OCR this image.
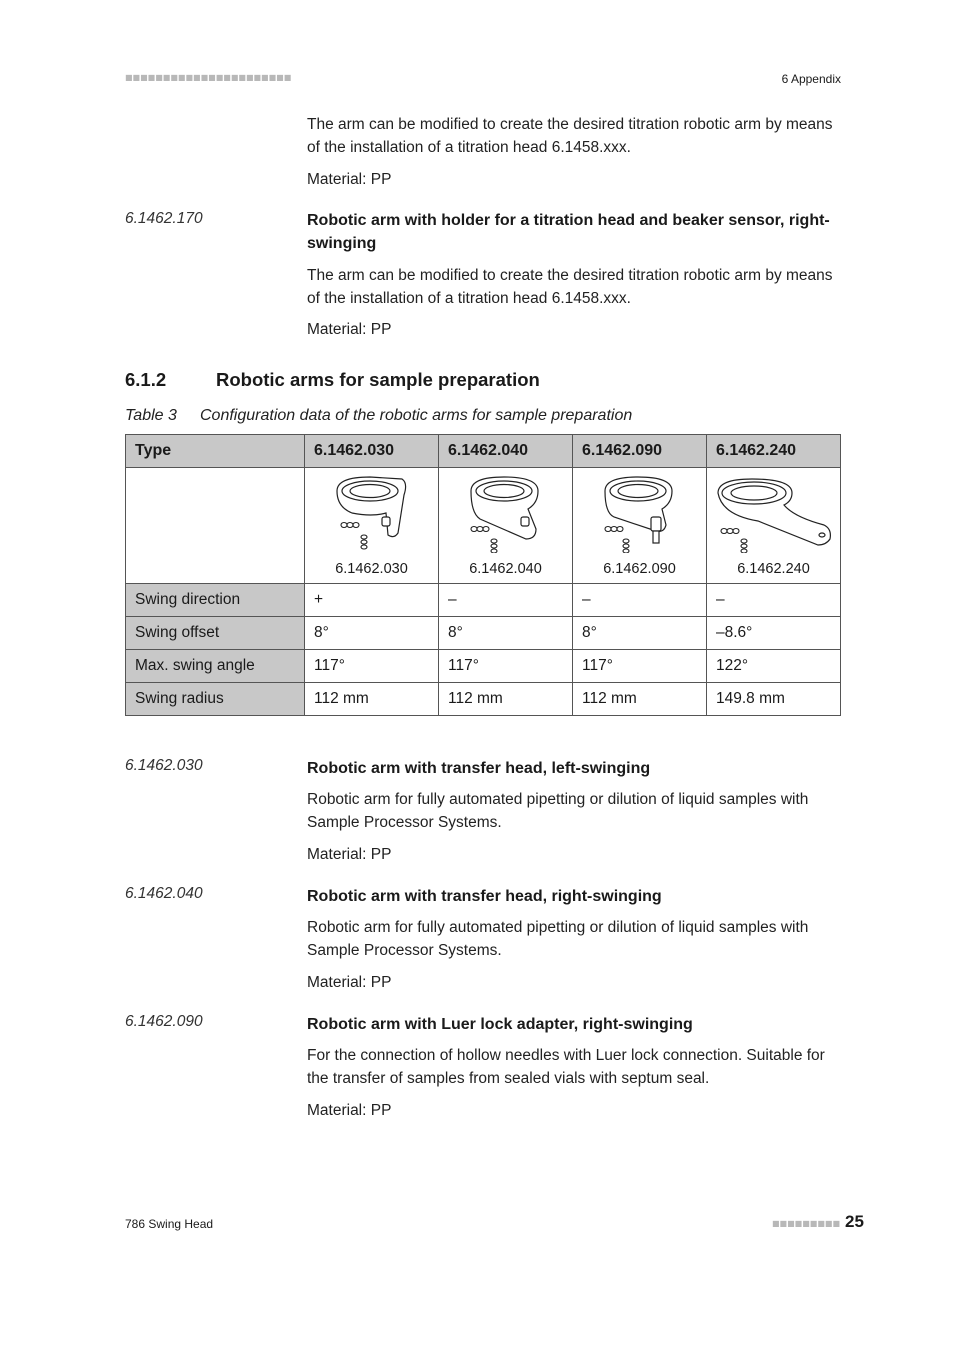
■■■■■■■■■■■■■■■■■■■■■■	6 Appendix
The arm can be modified to create the desired titration robotic arm by means of the installation of a titration head 6.1458.xxx.
Material: PP
6.1462.170	Robotic arm with holder for a titration head and beaker sensor, right-swinging
The arm can be modified to create the desired titration robotic arm by means of the installation of a titration head 6.1458.xxx.
Material: PP
6.1.2	Robotic arms for sample preparation
Table 3 Configuration data of the robotic arms for sample preparation
Type	6.1462.030	6.1462.040	6.1462.090	6.1462.240

	6.1462.030	6.1462.040	6.1462.090	6.1462.240

Swing direction	+	–	–	–
Swing offset	8°	8°	8°	–8.6°
Max. swing angle	117°	117°	117°	122°
Swing radius	112 mm	112 mm	112 mm	149.8 mm
6.1462.030	Robotic arm with transfer head, left-swinging
Robotic arm for fully automated pipetting or dilution of liquid samples with Sample Processor Systems.
Material: PP
6.1462.040	Robotic arm with transfer head, right-swinging
Robotic arm for fully automated pipetting or dilution of liquid samples with Sample Processor Systems.
Material: PP
6.1462.090	Robotic arm with Luer lock adapter, right-swinging
For the connection of hollow needles with Luer lock connection. Suitable for the transfer of samples from sealed vials with septum seal.
Material: PP
786 Swing Head	■■■■■■■■■ 25
